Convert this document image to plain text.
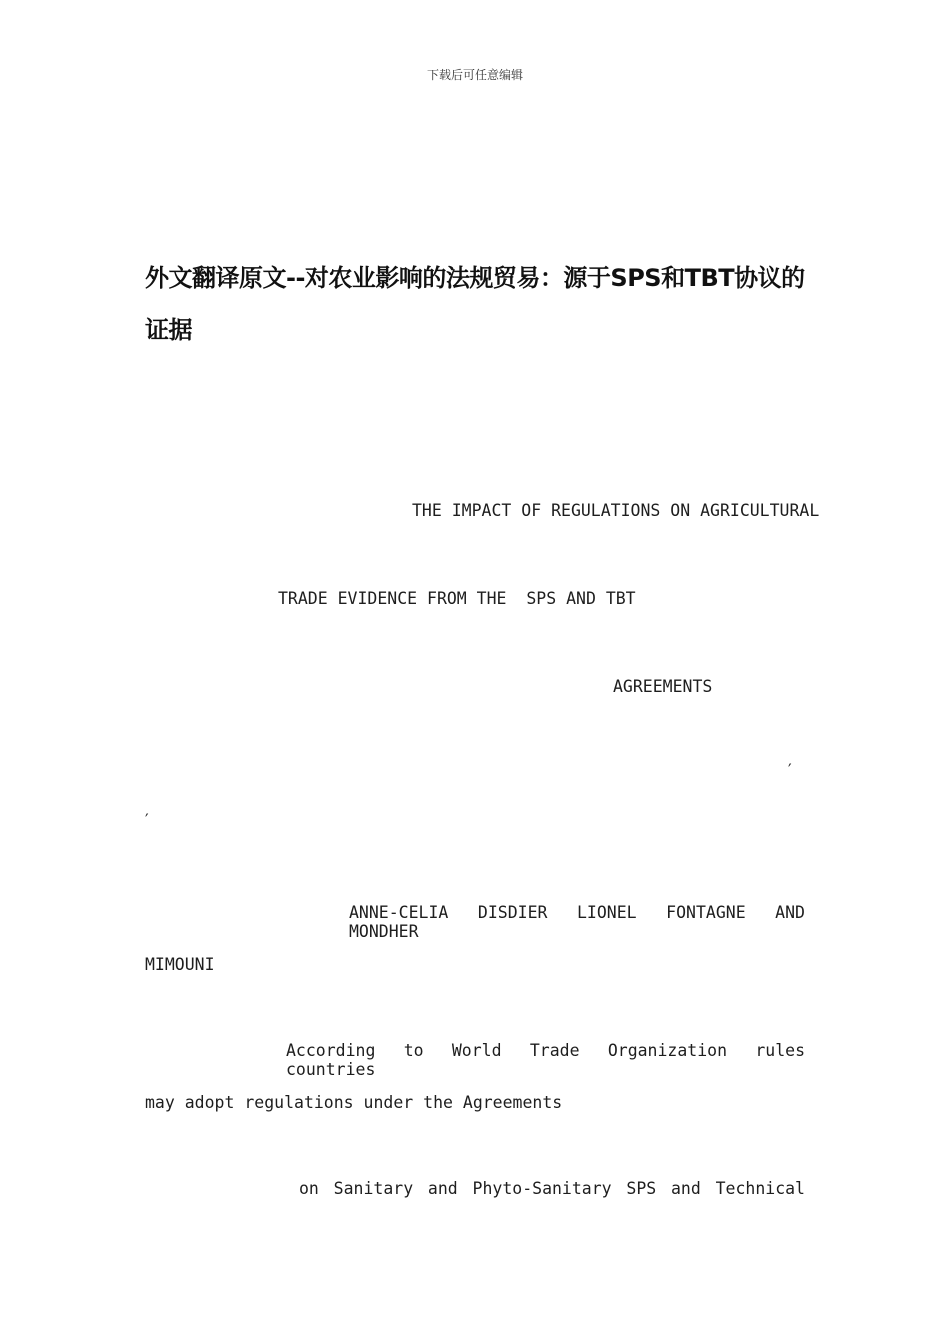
下载后可任意编辑
外文翻译原文--对农业影响的法规贸易：源于SPS和TBT协议的证据
THE IMPACT OF REGULATIONS ON AGRICULTURAL
TRADE EVIDENCE FROM THE  SPS AND TBT
AGREEMENTS
′
′
ANNE-CELIA DISDIER LIONEL FONTAGNE AND MONDHER
MIMOUNI
According to World Trade Organization rules countries
may adopt regulations under the Agreements
on Sanitary and Phyto-Sanitary SPS and Technical
